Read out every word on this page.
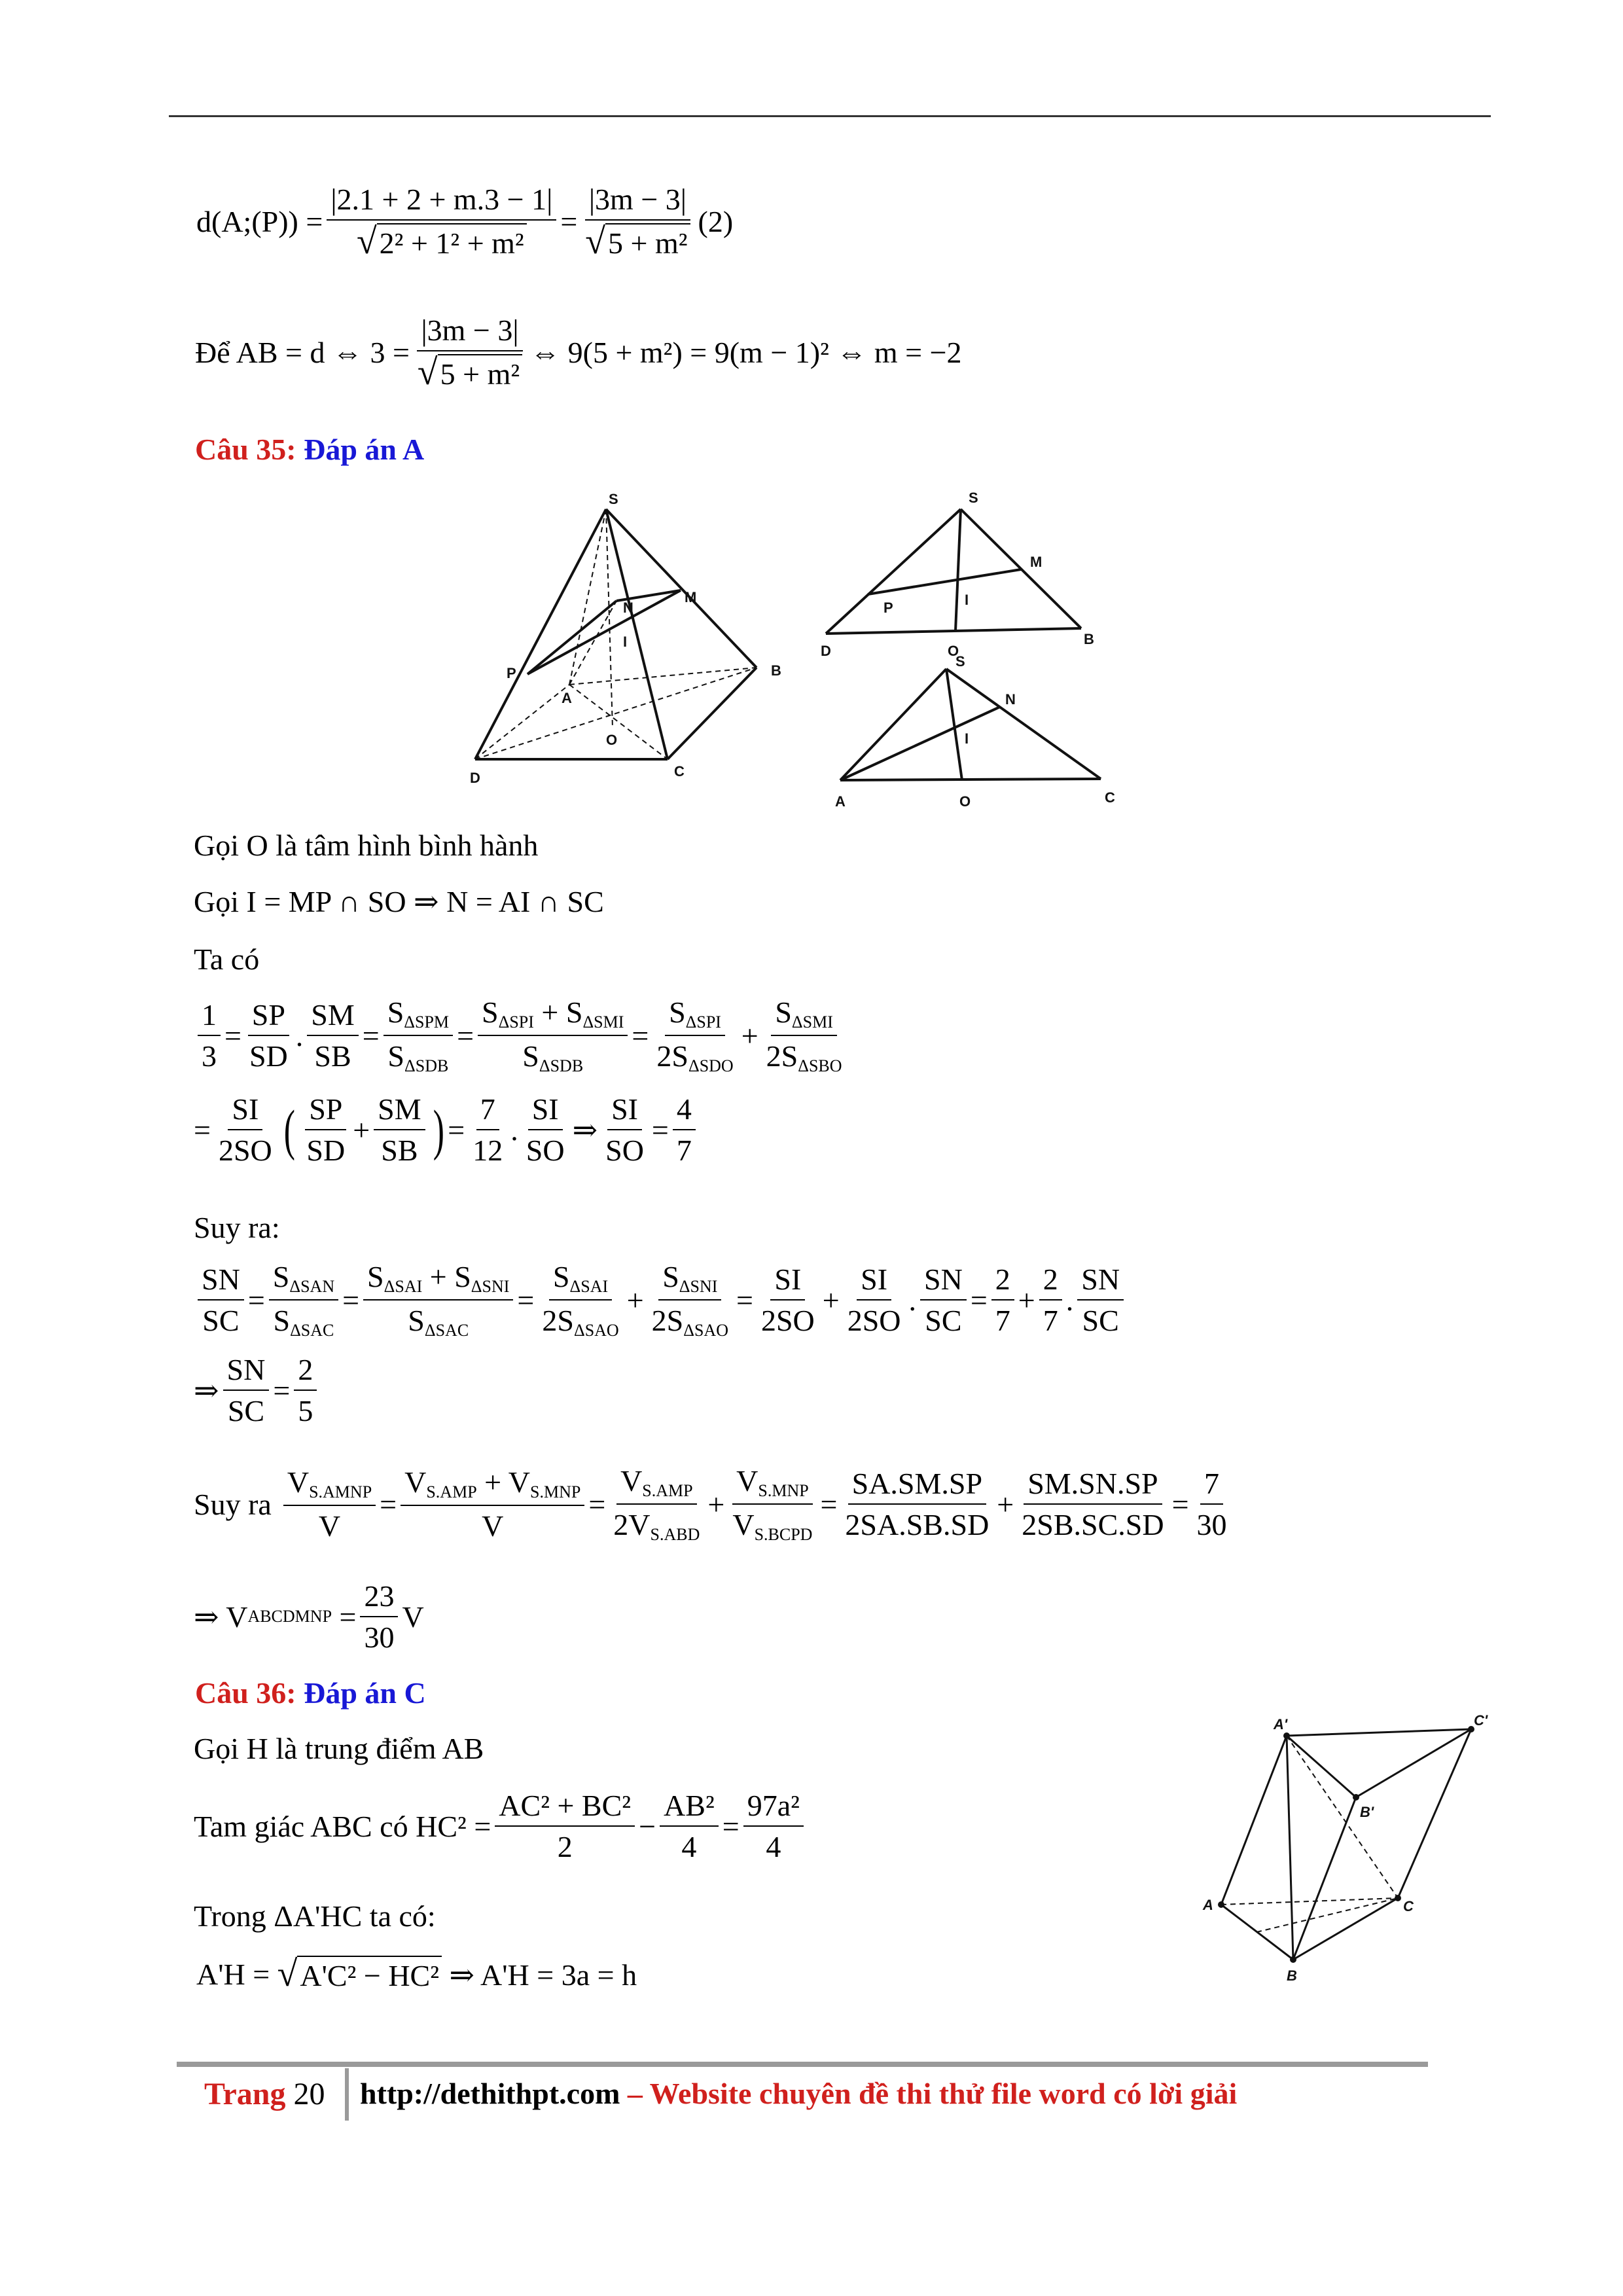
d(A;(P)) = $\frac{|2.1 + 2 + m.3 - 1|}{\text{√ 2² + 1² + m²}} = \frac{|3m - 3|}{\text{√ 5 + m²}} (2)$
Để AB = d ⇔ $3 = \frac{|3m - 3|}{\text{√ 5 + m²}}$ ⇔ 9(5 + m²) = 9(m − 1)² ⇔ m = −2
Câu 35: Đáp án A
S
M
N
I
P
A
B
O
D	C
S
M
I
P
D	O
B
S
N
I
A	O	C
Gọi O là tâm hình bình hành
Gọi I = MP ∩ SO ⇒ N = AI ∩ SC
Ta có
$\frac{1}{3} = \frac{SP}{SD}$ . $\frac{SM}{SB} = \frac{S_{\Delta SPM}}{S_{\Delta SDB}} = \frac{S_{\Delta SPI} + S_{\Delta SMI}}{S_{\Delta SDB}} = \frac{S_{\Delta SPI}}{2S_{\Delta SDO}} + \frac{S_{\Delta SMI}}{2S_{\Delta SBO}}$
= $\frac{SI}{2SO}$ ( $\frac{SP}{SD} + \frac{SM}{SB}$ ) = $\frac{7}{12}$ . $\frac{SI}{SO}$ ⇒ $\frac{SI}{SO} = \frac{4}{7}$
Suy ra:
$\frac{SN}{SC} = \frac{S_{\Delta SAN}}{S_{\Delta SAC}} = \frac{S_{\Delta SAI} + S_{\Delta SNI}}{S_{\Delta SAC}} = \frac{S_{\Delta SAI}}{2S_{\Delta SAO}} + \frac{S_{\Delta SNI}}{2S_{\Delta SAO}} = \frac{SI}{2SO} + \frac{SI}{2SO}$ . $\frac{SN}{SC} = \frac{2}{7} + \frac{2}{7}$ . $\frac{SN}{SC}$
⇒ $\frac{SN}{SC} = \frac{2}{5}$
Suy ra $\frac{V_{S.AMNP}}{V} = \frac{V_{S.AMP} + V_{S.MNP}}{V} = \frac{V_{S.AMP}}{2V_{S.ABD}} + \frac{V_{S.MNP}}{V_{S.BCPD}} = \frac{SA.SM.SP}{2SA.SB.SD} + \frac{SM.SN.SP}{2SB.SC.SD} = \frac{7}{30}$
⇒ V ABCDMNP = $\frac{23}{30}$ V
Câu 36: Đáp án C
Gọi H là trung điểm AB
Tam giác ABC có $HC^2 = \frac{\text{AC² + BC²}}{2} - \frac{\text{AB²}}{4} = \frac{\text{97a²}}{4}$
Trong ΔA'HC ta có:
A'H =
√ A'C² − HC²
⇒ A'H = 3a = h
A'	C'
B'
A	C
B
Trang 20 http://dethithpt.com – Website chuyên đề thi thử file word có lời giải
